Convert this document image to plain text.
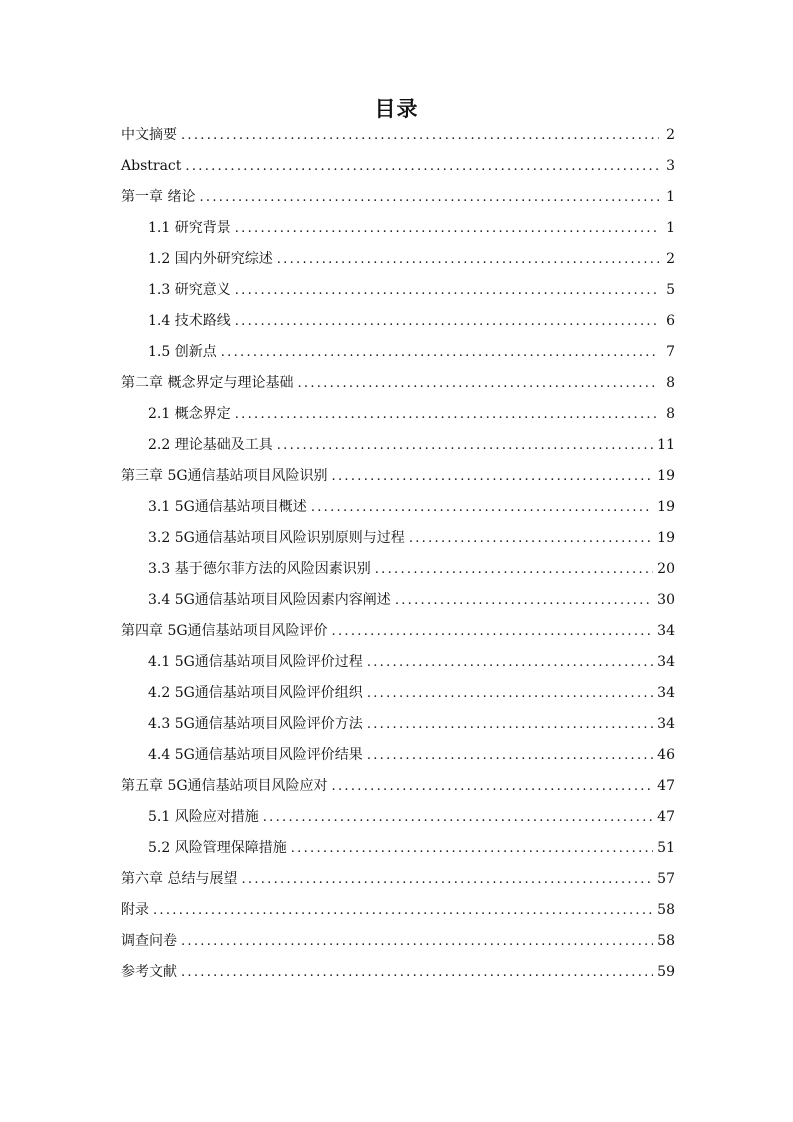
目录
中文摘要 .....	2
Abstract .....	3
第一章 绪论 .....	1
1.1 研究背景 .....	1
1.2 国内外研究综述 .....	2
1.3 研究意义 .....	5
1.4 技术路线 .....	6
1.5 创新点 .....	7
第二章 概念界定与理论基础 .....	8
2.1 概念界定 .....	8
2.2 理论基础及工具 .....	11
第三章 5G通信基站项目风险识别 .....	19
3.1 5G通信基站项目概述 .....	19
3.2 5G通信基站项目风险识别原则与过程 .....	19
3.3 基于德尔菲方法的风险因素识别 .....	20
3.4 5G通信基站项目风险因素内容阐述 .....	30
第四章 5G通信基站项目风险评价 .....	34
4.1 5G通信基站项目风险评价过程 .....	34
4.2 5G通信基站项目风险评价组织 .....	34
4.3 5G通信基站项目风险评价方法 .....	34
4.4 5G通信基站项目风险评价结果 .....	46
第五章 5G通信基站项目风险应对 .....	47
5.1 风险应对措施 .....	47
5.2 风险管理保障措施 .....	51
第六章 总结与展望 .....	57
附录 .....	58
调查问卷 .....	58
参考文献 .....	59
